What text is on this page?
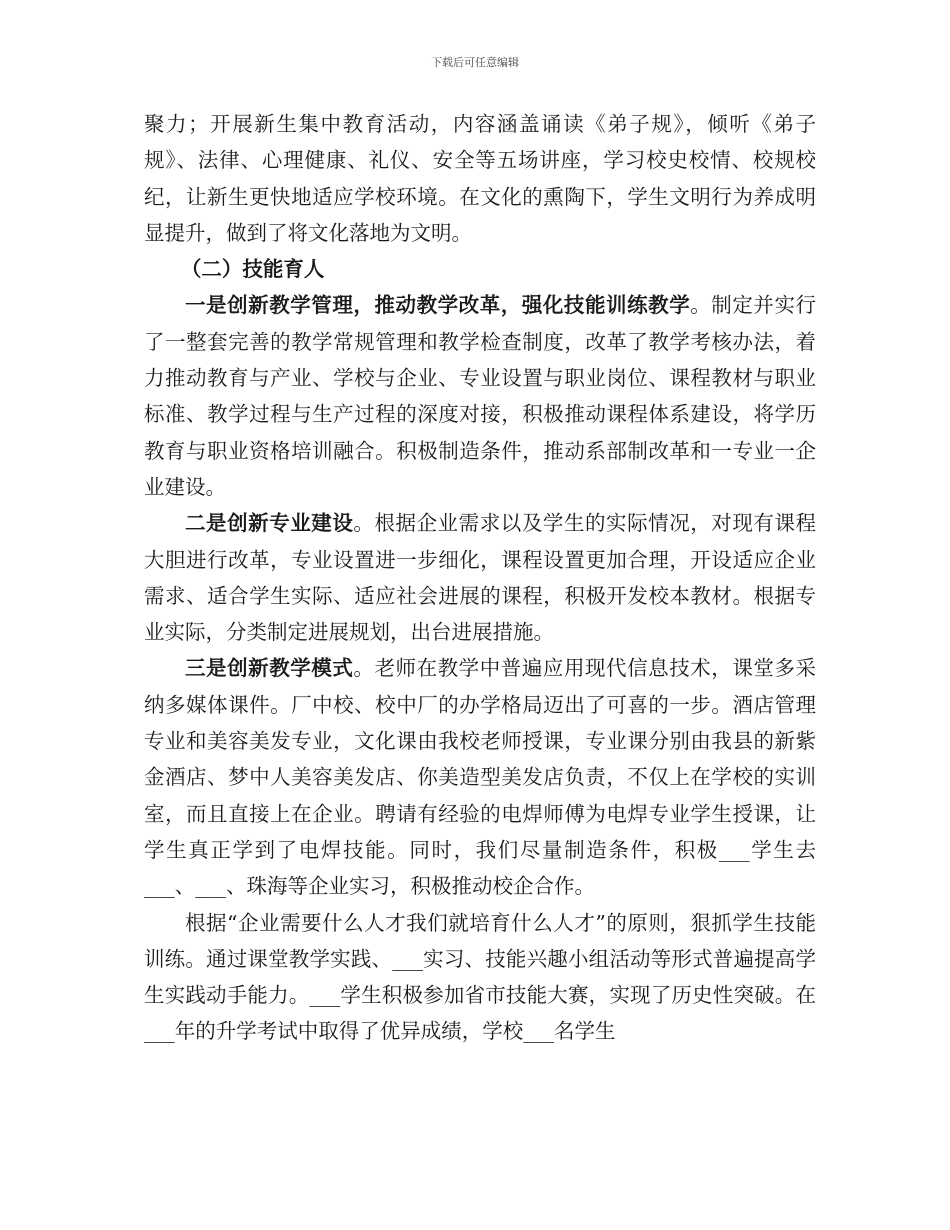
下载后可任意编辑

聚力；开展新生集中教育活动，内容涵盖诵读《弟子规》，倾听《弟子规》、法律、心理健康、礼仪、安全等五场讲座，学习校史校情、校规校纪，让新生更快地适应学校环境。在文化的熏陶下，学生文明行为养成明显提升，做到了将文化落地为文明。

（二）技能育人

一是创新教学管理，推动教学改革，强化技能训练教学。制定并实行了一整套完善的教学常规管理和教学检查制度，改革了教学考核办法，着力推动教育与产业、学校与企业、专业设置与职业岗位、课程教材与职业标准、教学过程与生产过程的深度对接，积极推动课程体系建设，将学历教育与职业资格培训融合。积极制造条件，推动系部制改革和一专业一企业建设。

二是创新专业建设。根据企业需求以及学生的实际情况，对现有课程大胆进行改革，专业设置进一步细化，课程设置更加合理，开设适应企业需求、适合学生实际、适应社会进展的课程，积极开发校本教材。根据专业实际，分类制定进展规划，出台进展措施。

三是创新教学模式。老师在教学中普遍应用现代信息技术，课堂多采纳多媒体课件。厂中校、校中厂的办学格局迈出了可喜的一步。酒店管理专业和美容美发专业，文化课由我校老师授课，专业课分别由我县的新紫金酒店、梦中人美容美发店、你美造型美发店负责，不仅上在学校的实训室，而且直接上在企业。聘请有经验的电焊师傅为电焊专业学生授课，让学生真正学到了电焊技能。同时，我们尽量制造条件，积极___学生去___、___、珠海等企业实习，积极推动校企合作。

根据“企业需要什么人才我们就培育什么人才”的原则，狠抓学生技能训练。通过课堂教学实践、___实习、技能兴趣小组活动等形式普遍提高学生实践动手能力。___学生积极参加省市技能大赛，实现了历史性突破。在___年的升学考试中取得了优异成绩，学校___名学生
